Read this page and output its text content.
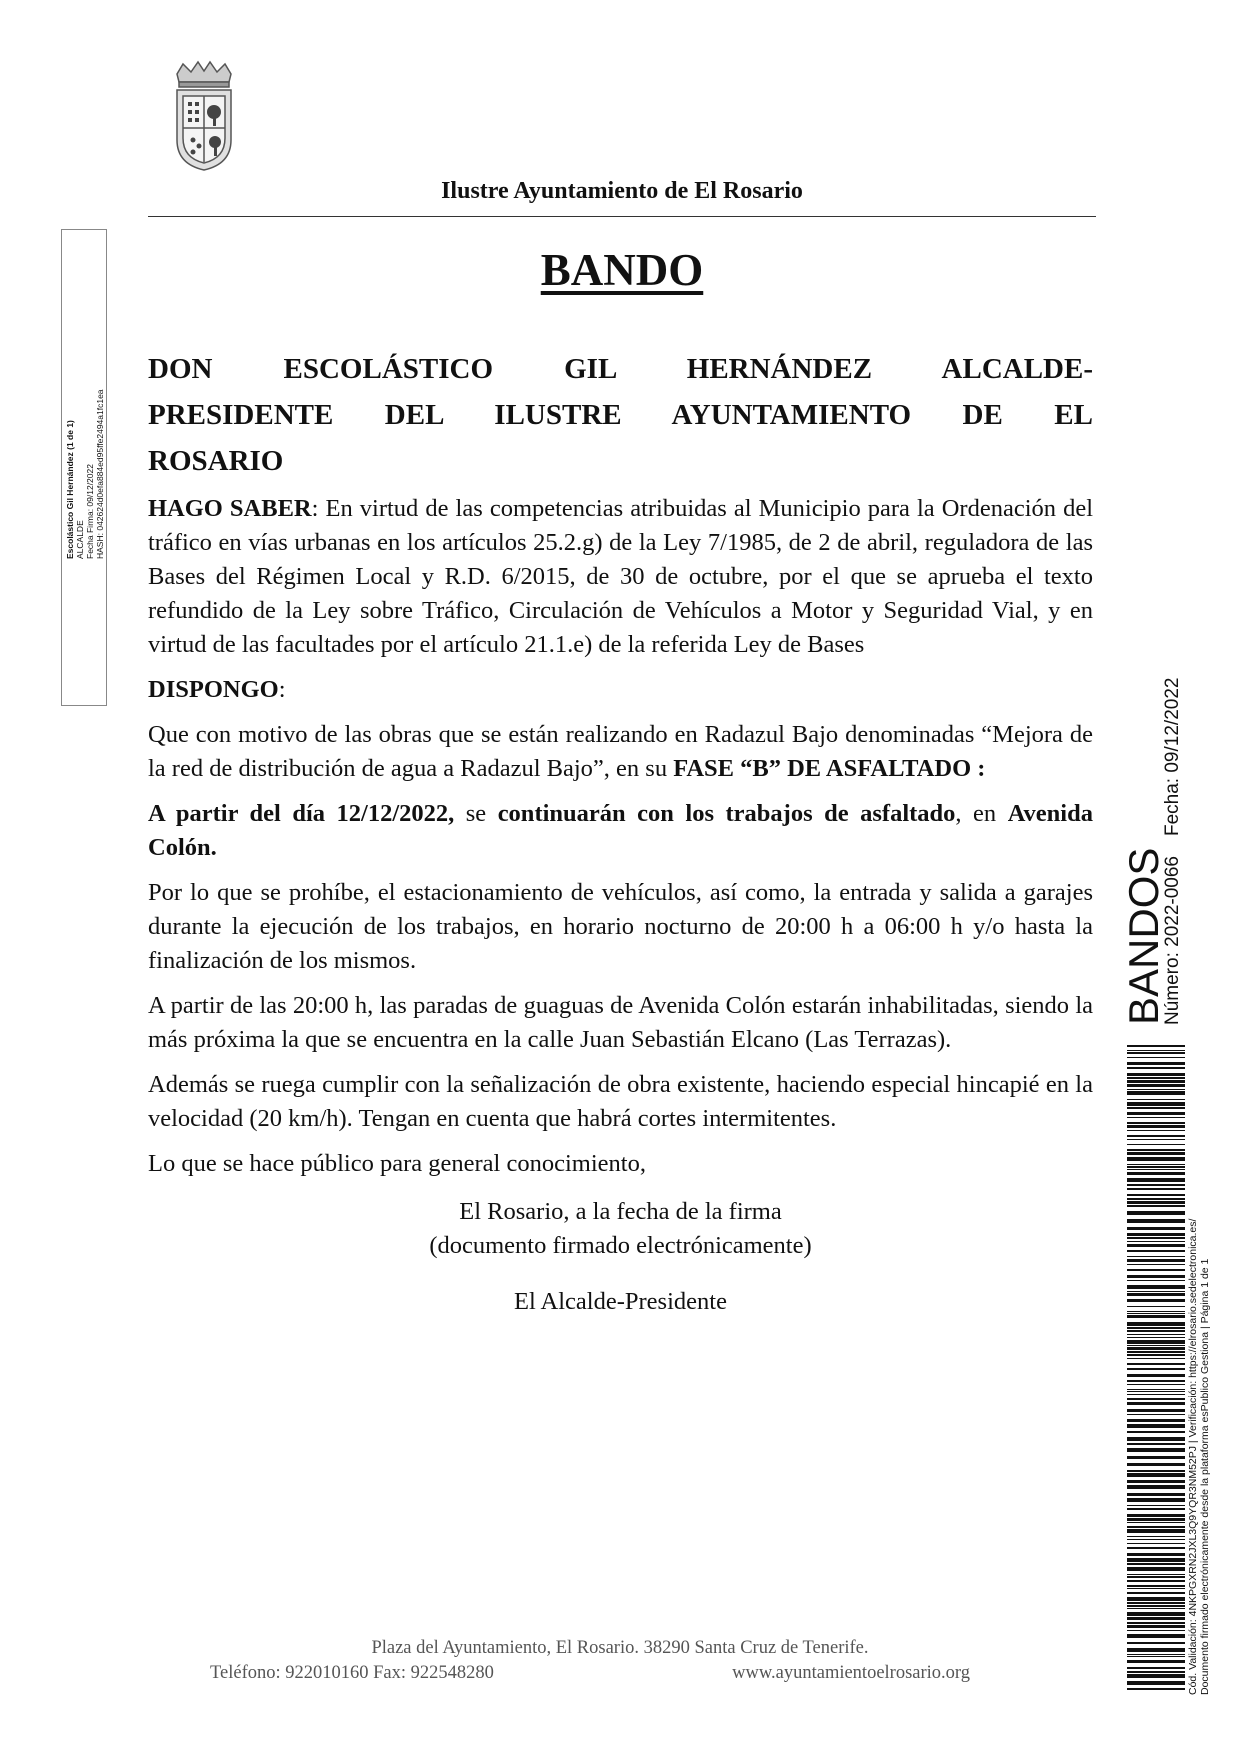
Ilustre Ayuntamiento de El Rosario
Escolástico Gil Hernández (1 de 1) ALCALDE Fecha Firma: 09/12/2022 HASH: 042624d0efa884ed95ffe2494a1fc1ea
BANDO

DON ESCOLÁSTICO GIL HERNÁNDEZ ALCALDE-PRESIDENTE DEL ILUSTRE AYUNTAMIENTO DE EL ROSARIO

HAGO SABER: En virtud de las competencias atribuidas al Municipio para la Ordenación del tráfico en vías urbanas en los artículos 25.2.g) de la Ley 7/1985, de 2 de abril, reguladora de las Bases del Régimen Local y R.D. 6/2015, de 30 de octubre, por el que se aprueba el texto refundido de la Ley sobre Tráfico, Circulación de Vehículos a Motor y Seguridad Vial, y en virtud de las facultades por el artículo 21.1.e) de la referida Ley de Bases

DISPONGO:

Que con motivo de las obras que se están realizando en Radazul Bajo denominadas “Mejora de la red de distribución de agua a Radazul Bajo”, en su FASE “B” DE ASFALTADO :

A partir del día 12/12/2022, se continuarán con los trabajos de asfaltado, en Avenida Colón.

Por lo que se prohíbe, el estacionamiento de vehículos, así como, la entrada y salida a garajes durante la ejecución de los trabajos, en horario nocturno de 20:00 h a 06:00 h y/o hasta la finalización de los mismos.

A partir de las 20:00 h, las paradas de guaguas de Avenida Colón estarán inhabilitadas, siendo la más próxima la que se encuentra en la calle Juan Sebastián Elcano (Las Terrazas).

Además se ruega cumplir con la señalización de obra existente, haciendo especial hincapié en la velocidad (20 km/h). Tengan en cuenta que habrá cortes intermitentes.

Lo que se hace público para general conocimiento,

El Rosario, a la fecha de la firma
(documento firmado electrónicamente)

El Alcalde-Presidente

Plaza del Ayuntamiento, El Rosario. 38290 Santa Cruz de Tenerife.
Teléfono: 922010160 Fax: 922548280	www.ayuntamientoelrosario.org
BANDOS
Número: 2022-0066
Fecha: 09/12/2022
Cód. Validación: 4NKPGXRN2JXL3Q9YQR3NM52PJ | Verificación: https://elrosario.sedelectronica.es/ Documento firmado electrónicamente desde la plataforma esPublico Gestiona | Página 1 de 1
